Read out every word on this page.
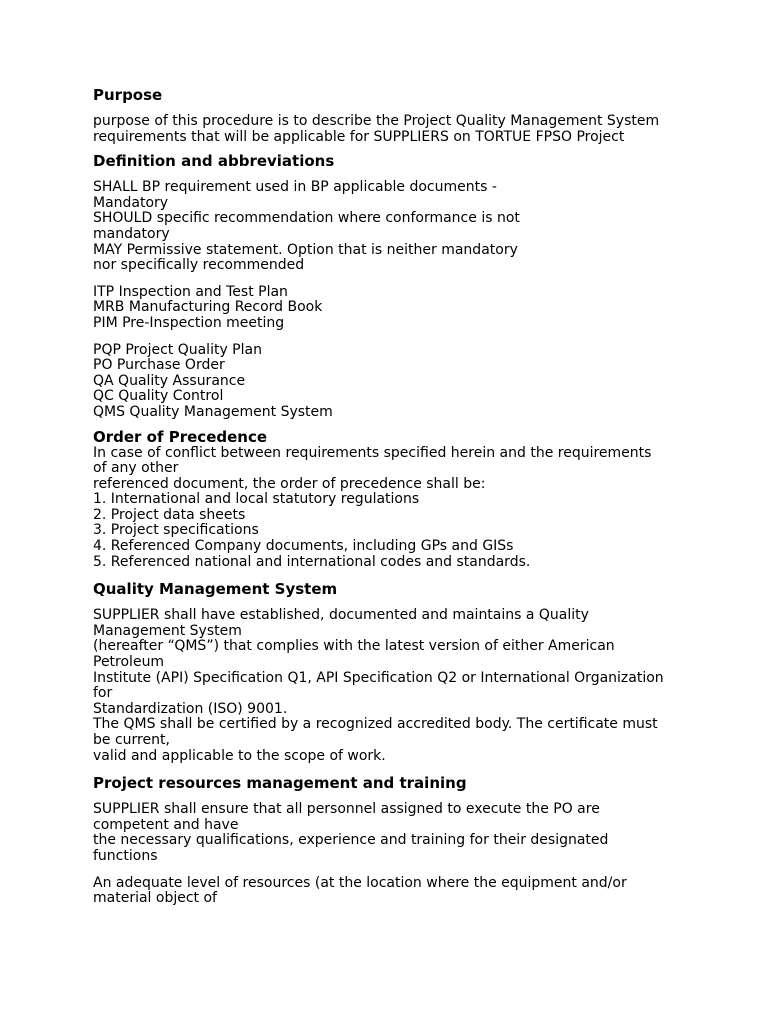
Purpose
purpose of this procedure is to describe the Project Quality Management System
requirements that will be applicable for SUPPLIERS on TORTUE FPSO Project
Definition and abbreviations
SHALL BP requirement used in BP applicable documents -
Mandatory
SHOULD specific recommendation where conformance is not
mandatory
MAY Permissive statement. Option that is neither mandatory
nor specifically recommended
ITP Inspection and Test Plan
MRB Manufacturing Record Book
PIM Pre-Inspection meeting
PQP Project Quality Plan
PO Purchase Order
QA Quality Assurance
QC Quality Control
QMS Quality Management System
Order of Precedence
In case of conflict between requirements specified herein and the requirements
of any other
referenced document, the order of precedence shall be:
1. International and local statutory regulations
2. Project data sheets
3. Project specifications
4. Referenced Company documents, including GPs and GISs
5. Referenced national and international codes and standards.
Quality Management System
SUPPLIER shall have established, documented and maintains a Quality
Management System
(hereafter “QMS”) that complies with the latest version of either American
Petroleum
Institute (API) Specification Q1, API Specification Q2 or International Organization
for
Standardization (ISO) 9001.
The QMS shall be certified by a recognized accredited body. The certificate must
be current,
valid and applicable to the scope of work.
Project resources management and training
SUPPLIER shall ensure that all personnel assigned to execute the PO are
competent and have
the necessary qualifications, experience and training for their designated
functions
An adequate level of resources (at the location where the equipment and/or
material object of
